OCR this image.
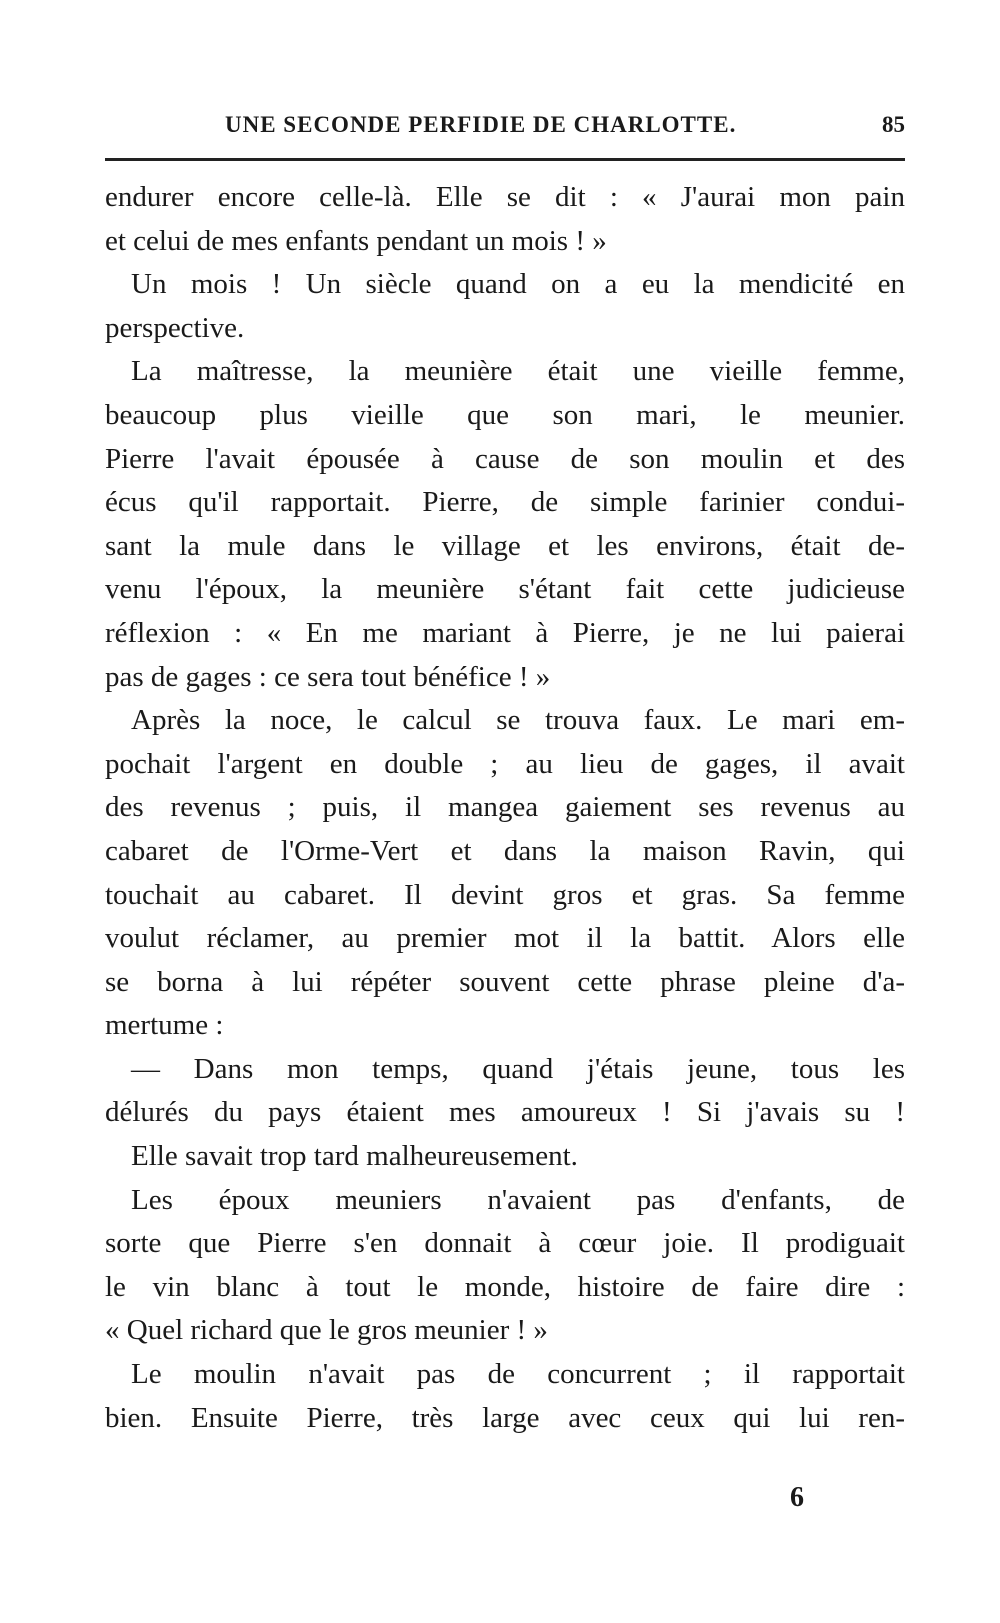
UNE SECONDE PERFIDIE DE CHARLOTTE.	85
endurer encore celle-là. Elle se dit : « J'aurai mon pain
et celui de mes enfants pendant un mois ! »
Un mois ! Un siècle quand on a eu la mendicité en
perspective.
La maîtresse, la meunière était une vieille femme,
beaucoup plus vieille que son mari, le meunier.
Pierre l'avait épousée à cause de son moulin et des
écus qu'il rapportait. Pierre, de simple farinier condui-
sant la mule dans le village et les environs, était de-
venu l'époux, la meunière s'étant fait cette judicieuse
réflexion : « En me mariant à Pierre, je ne lui paierai
pas de gages : ce sera tout bénéfice ! »
Après la noce, le calcul se trouva faux. Le mari em-
pochait l'argent en double ; au lieu de gages, il avait
des revenus ; puis, il mangea gaiement ses revenus au
cabaret de l'Orme-Vert et dans la maison Ravin, qui
touchait au cabaret. Il devint gros et gras. Sa femme
voulut réclamer, au premier mot il la battit. Alors elle
se borna à lui répéter souvent cette phrase pleine d'a-
mertume :
— Dans mon temps, quand j'étais jeune, tous les
délurés du pays étaient mes amoureux ! Si j'avais su !
Elle savait trop tard malheureusement.
Les époux meuniers n'avaient pas d'enfants, de
sorte que Pierre s'en donnait à cœur joie. Il prodiguait
le vin blanc à tout le monde, histoire de faire dire :
« Quel richard que le gros meunier ! »
Le moulin n'avait pas de concurrent ; il rapportait
bien. Ensuite Pierre, très large avec ceux qui lui ren-
6
